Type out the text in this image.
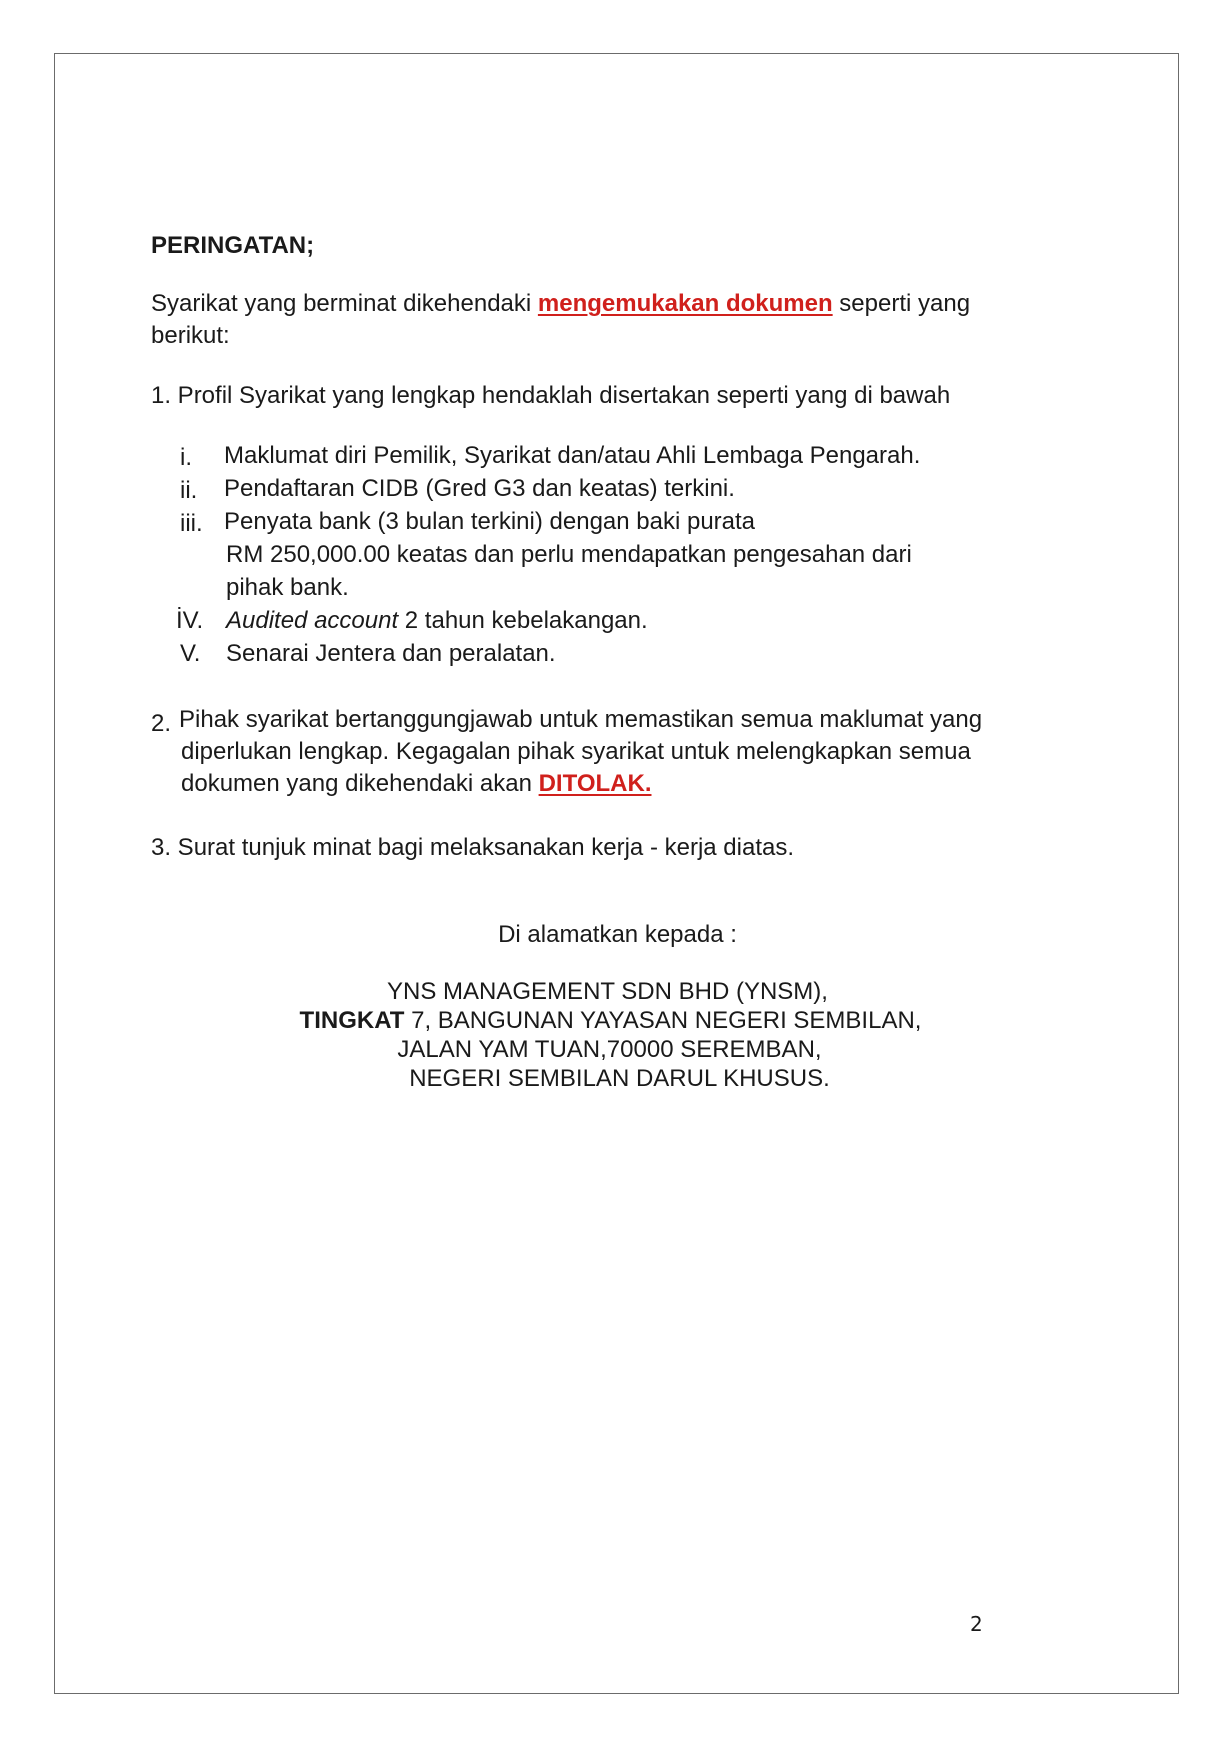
PERINGATAN;
Syarikat yang berminat dikehendaki mengemukakan dokumen seperti yang
berikut:
1. Profil Syarikat yang lengkap hendaklah disertakan seperti yang di bawah
i. Maklumat diri Pemilik, Syarikat dan/atau Ahli Lembaga Pengarah.
ii. Pendaftaran CIDB (Gred G3 dan keatas) terkini.
iii. Penyata bank (3 bulan terkini) dengan baki purata
RM 250,000.00 keatas dan perlu mendapatkan pengesahan dari
pihak bank.
İV. Audited account 2 tahun kebelakangan.
V. Senarai Jentera dan peralatan.
2. Pihak syarikat bertanggungjawab untuk memastikan semua maklumat yang
diperlukan lengkap. Kegagalan pihak syarikat untuk melengkapkan semua
dokumen yang dikehendaki akan DITOLAK.
3. Surat tunjuk minat bagi melaksanakan kerja - kerja diatas.
Di alamatkan kepada :
YNS MANAGEMENT SDN BHD (YNSM),
TINGKAT 7, BANGUNAN YAYASAN NEGERI SEMBILAN,
JALAN YAM TUAN,70000 SEREMBAN,
NEGERI SEMBILAN DARUL KHUSUS.
2
